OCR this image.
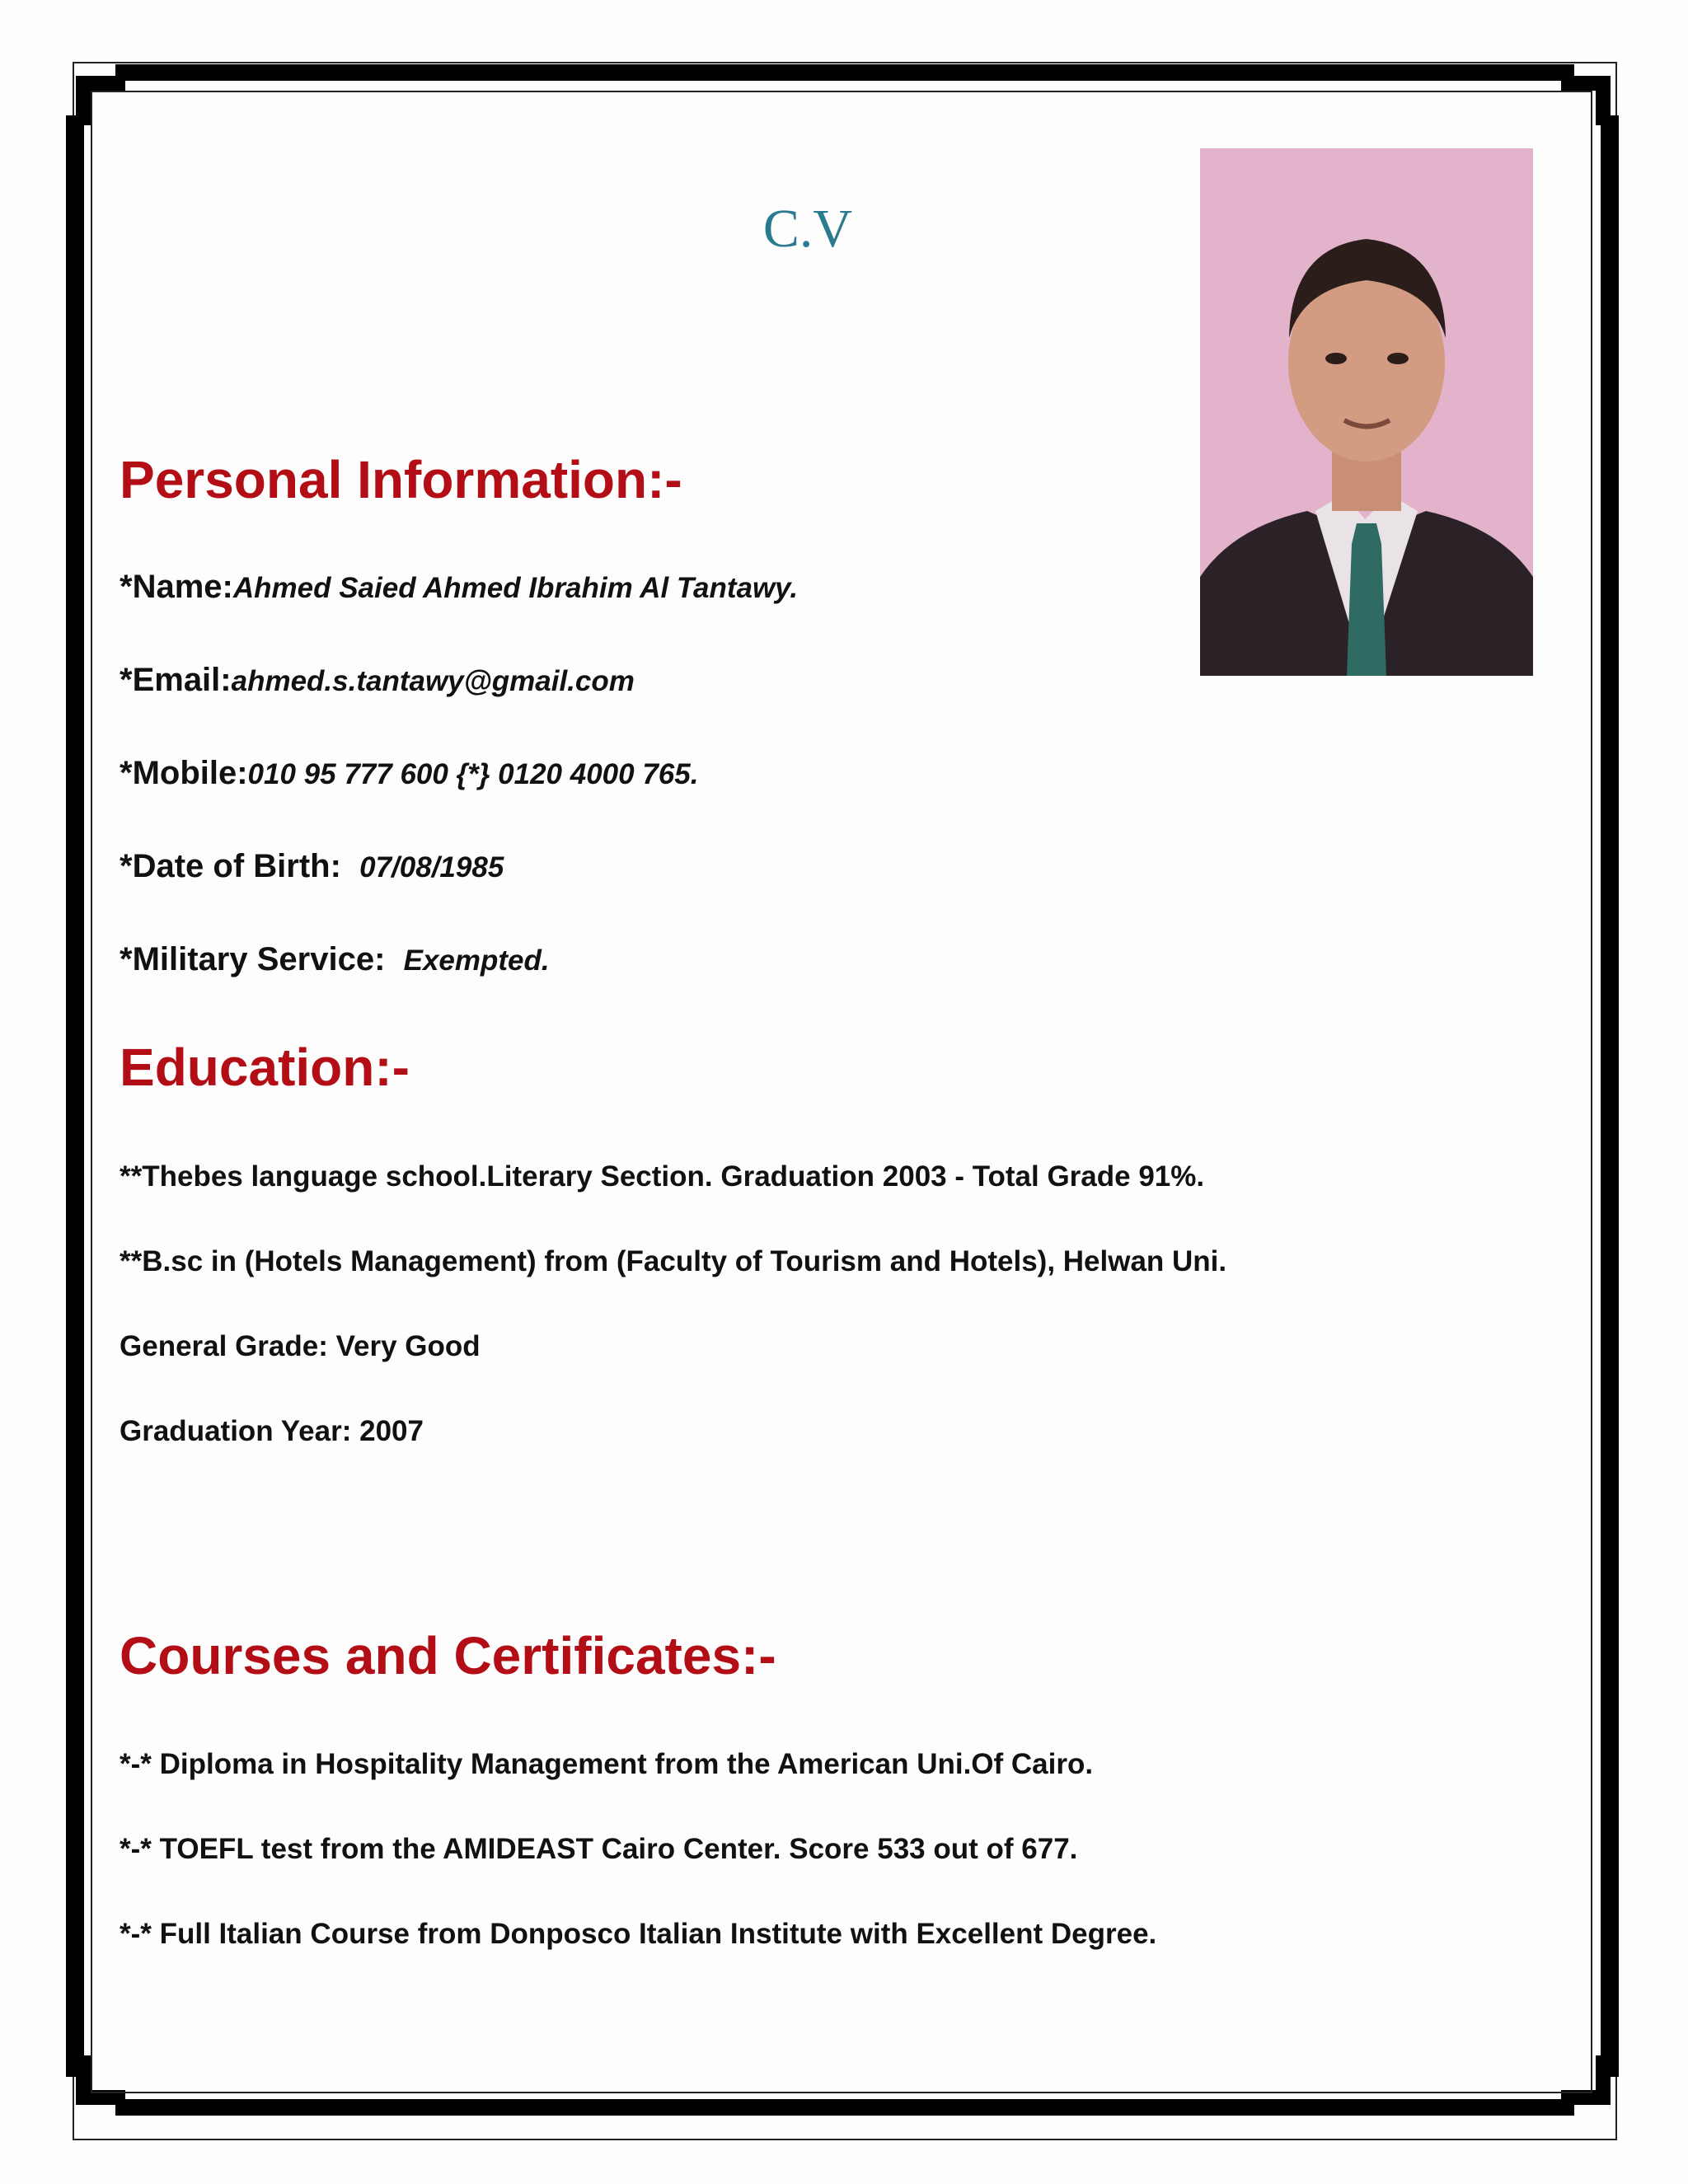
C.V
Personal Information:-
*Name:Ahmed Saied Ahmed Ibrahim Al Tantawy.
*Email:ahmed.s.tantawy@gmail.com
*Mobile:010 95 777 600 {*} 0120 4000 765.
*Date of Birth: 07/08/1985
*Military Service: Exempted.
Education:-
**Thebes language school.Literary Section. Graduation 2003 - Total Grade 91%.
**B.sc in (Hotels Management) from (Faculty of Tourism and Hotels), Helwan Uni.
General Grade: Very Good
Graduation Year: 2007
Courses and Certificates:-
*-* Diploma in Hospitality Management from the American Uni.Of Cairo.
*-* TOEFL test from the AMIDEAST Cairo Center. Score 533 out of 677.
*-* Full Italian Course from Donposco Italian Institute with Excellent Degree.
